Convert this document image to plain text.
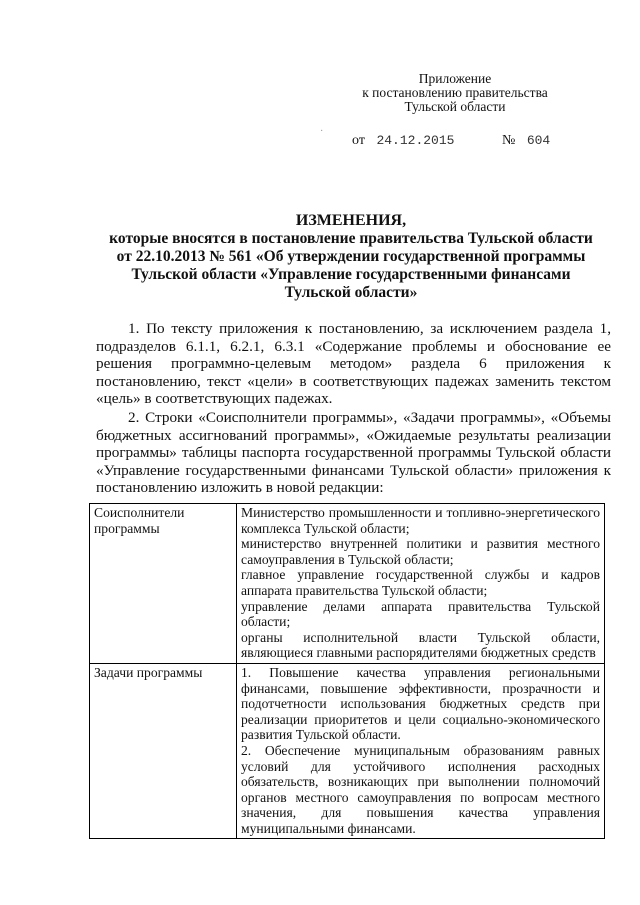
Приложение
к постановлению правительства
Тульской области
·
от 24.12.2015	№ 604
ИЗМЕНЕНИЯ,
которые вносятся в постановление правительства Тульской области
от 22.10.2013 № 561 «Об утверждении государственной программы
Тульской области «Управление государственными финансами
Тульской области»

1. По тексту приложения к постановлению, за исключением раздела 1, подразделов 6.1.1, 6.2.1, 6.3.1 «Содержание проблемы и обоснование ее решения программно-целевым методом» раздела 6 приложения к постановлению, текст «цели» в соответствующих падежах заменить текстом «цель» в соответствующих падежах.

2. Строки «Соисполнители программы», «Задачи программы», «Объемы бюджетных ассигнований программы», «Ожидаемые результаты реализации программы» таблицы паспорта государственной программы Тульской области «Управление государственными финансами Тульской области» приложения к постановлению изложить в новой редакции:

Соисполнители программы	Министерство промышленности и топливно-энергетического комплекса Тульской области;
министерство внутренней политики и развития местного самоуправления в Тульской области;
главное управление государственной службы и кадров аппарата правительства Тульской области;
управление делами аппарата правительства Тульской области;
органы исполнительной власти Тульской области, являющиеся главными распорядителями бюджетных средств

Задачи программы	1. Повышение качества управления региональными финансами, повышение эффективности, прозрачности и подотчетности использования бюджетных средств при реализации приоритетов и цели социально-экономического развития Тульской области.
2. Обеспечение муниципальным образованиям равных условий для устойчивого исполнения расходных обязательств, возникающих при выполнении полномочий органов местного самоуправления по вопросам местного значения, для повышения качества управления муниципальными финансами.
